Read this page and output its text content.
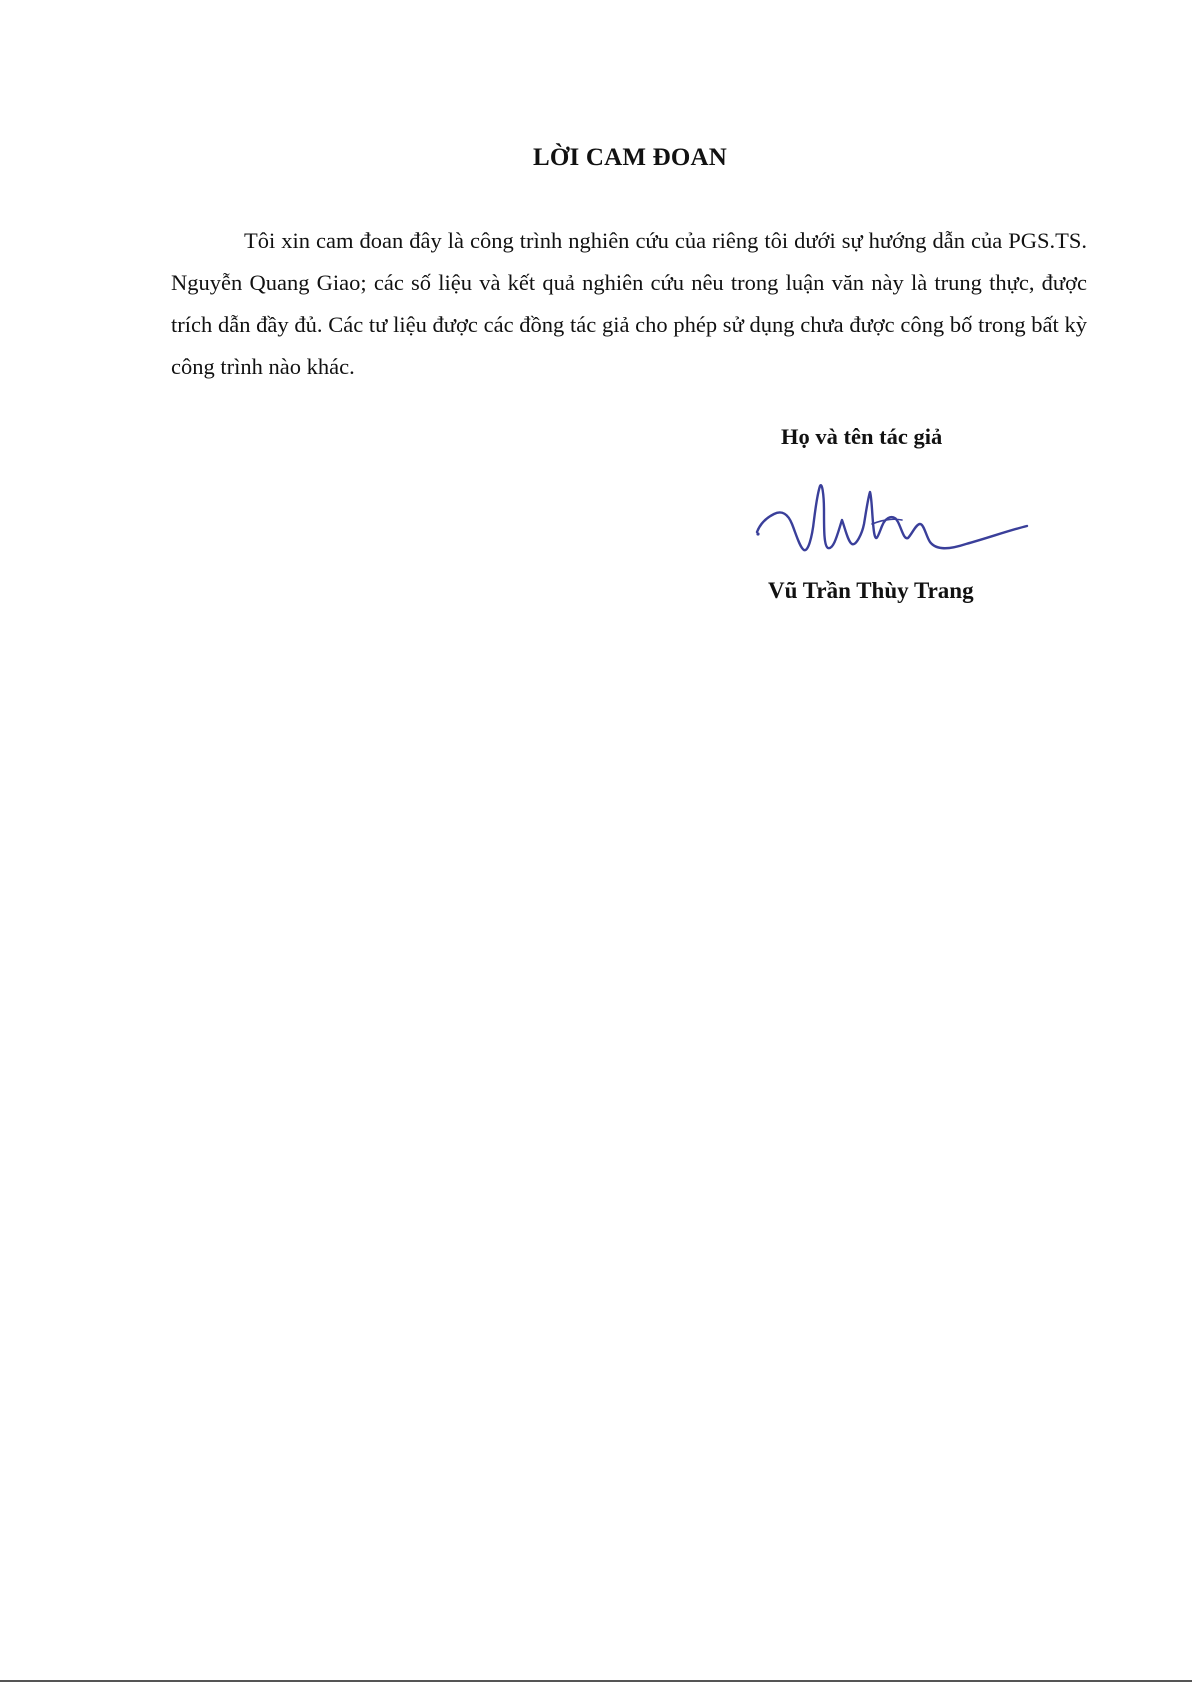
LỜI CAM ĐOAN

Tôi xin cam đoan đây là công trình nghiên cứu của riêng tôi dưới sự hướng dẫn của PGS.TS. Nguyễn Quang Giao; các số liệu và kết quả nghiên cứu nêu trong luận văn này là trung thực, được trích dẫn đầy đủ. Các tư liệu được các đồng tác giả cho phép sử dụng chưa được công bố trong bất kỳ công trình nào khác.

Họ và tên tác giả
Vũ Trần Thùy Trang
